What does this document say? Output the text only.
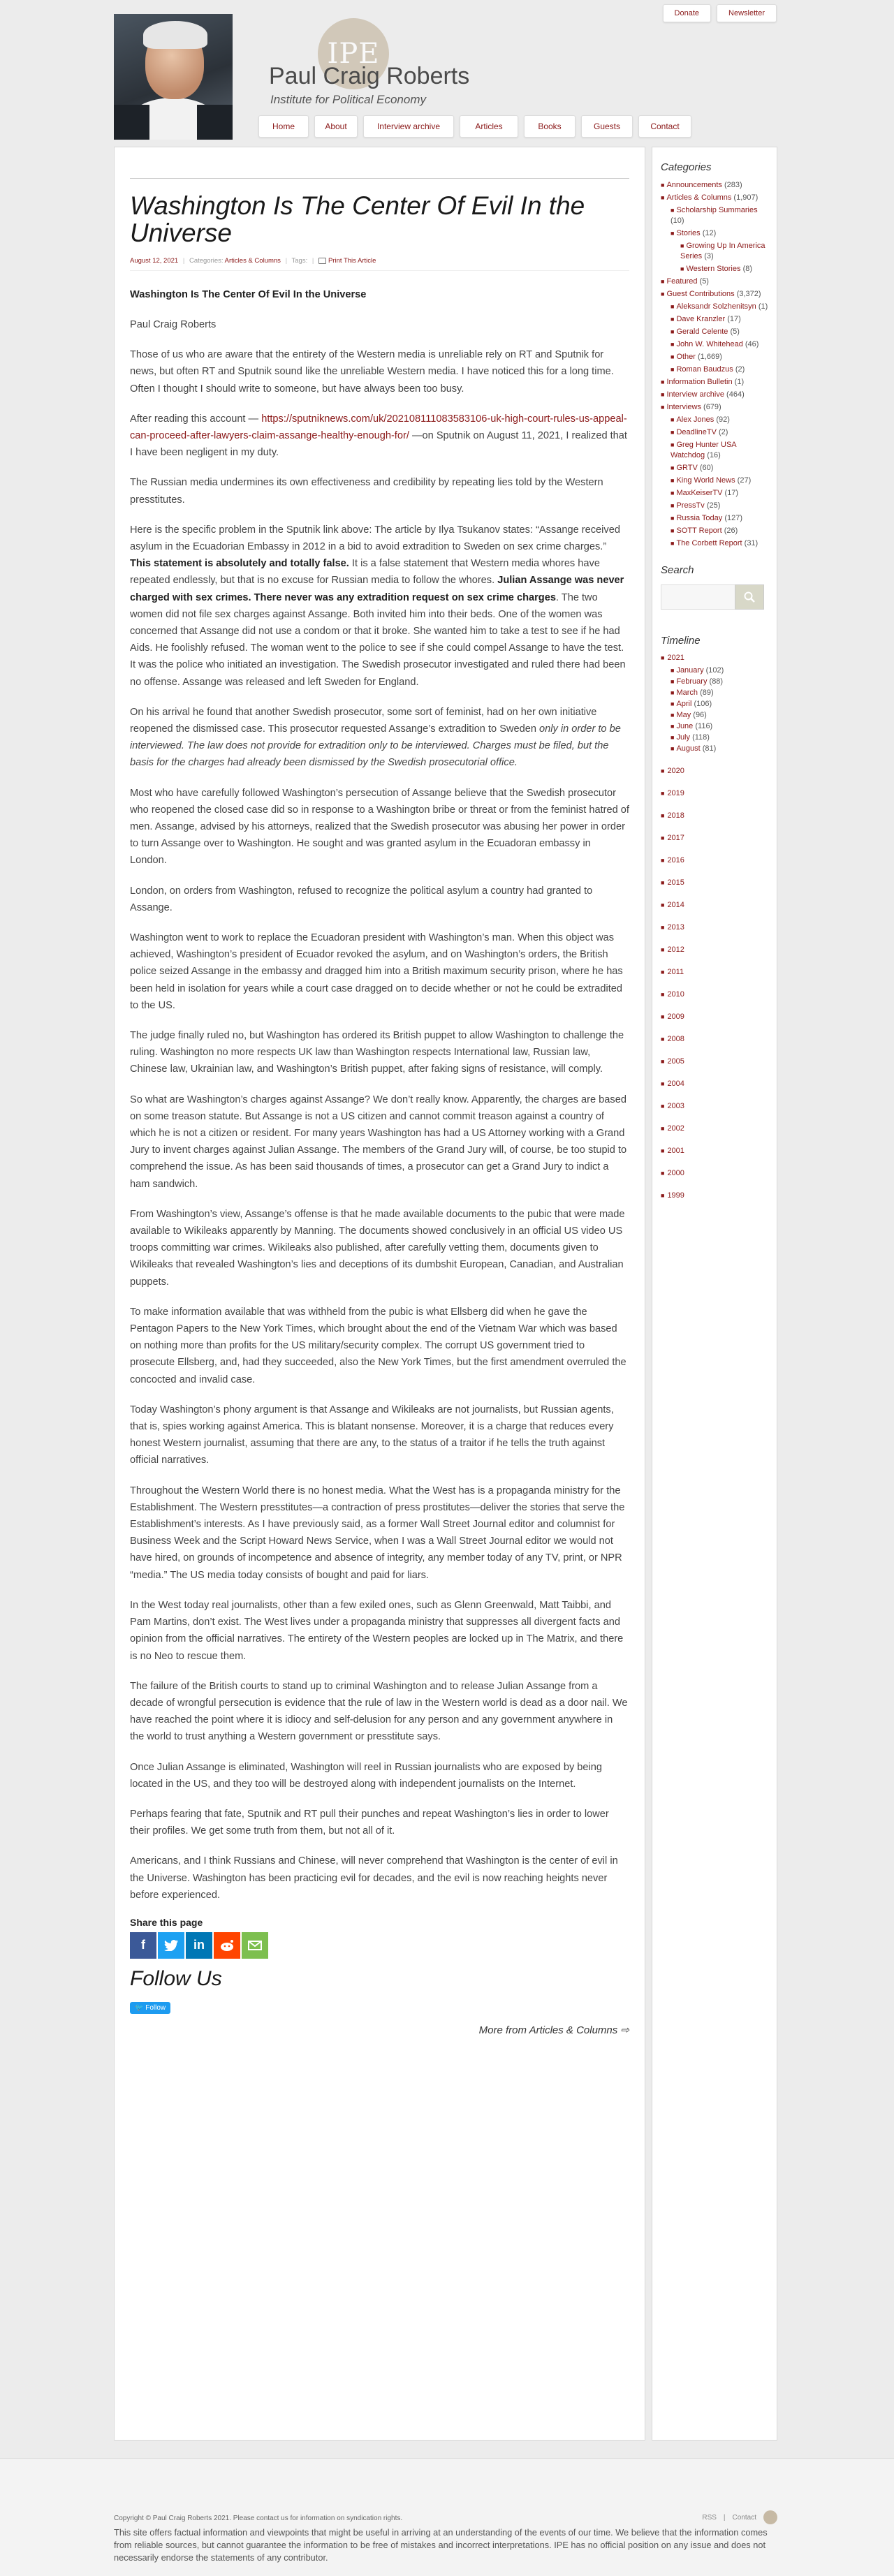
Donate	Newsletter
IPE
Paul Craig Roberts
Institute for Political Economy
Home	About	Interview archive	Articles	Books	Guests	Contact
Washington Is The Center Of Evil In the Universe
August 12, 2021 | Categories: Articles & Columns | Tags: | Print This Article

Washington Is The Center Of Evil In the Universe

Paul Craig Roberts

Those of us who are aware that the entirety of the Western media is unreliable rely on RT and Sputnik for news, but often RT and Sputnik sound like the unreliable Western media. I have noticed this for a long time. Often I thought I should write to someone, but have always been too busy.

After reading this account — https://sputniknews.com/uk/202108111083583106-uk-high-court-rules-us-appeal-can-proceed-after-lawyers-claim-assange-healthy-enough-for/ —on Sputnik on August 11, 2021, I realized that I have been negligent in my duty.

The Russian media undermines its own effectiveness and credibility by repeating lies told by the Western presstitutes.

Here is the specific problem in the Sputnik link above: The article by Ilya Tsukanov states: “Assange received asylum in the Ecuadorian Embassy in 2012 in a bid to avoid extradition to Sweden on sex crime charges.” This statement is absolutely and totally false. It is a false statement that Western media whores have repeated endlessly, but that is no excuse for Russian media to follow the whores. Julian Assange was never charged with sex crimes. There never was any extradition request on sex crime charges. The two women did not file sex charges against Assange. Both invited him into their beds. One of the women was concerned that Assange did not use a condom or that it broke. She wanted him to take a test to see if he had Aids. He foolishly refused. The woman went to the police to see if she could compel Assange to have the test. It was the police who initiated an investigation. The Swedish prosecutor investigated and ruled there had been no offense. Assange was released and left Sweden for England.

On his arrival he found that another Swedish prosecutor, some sort of feminist, had on her own initiative reopened the dismissed case. This prosecutor requested Assange’s extradition to Sweden only in order to be interviewed. The law does not provide for extradition only to be interviewed. Charges must be filed, but the basis for the charges had already been dismissed by the Swedish prosecutorial office.

Most who have carefully followed Washington’s persecution of Assange believe that the Swedish prosecutor who reopened the closed case did so in response to a Washington bribe or threat or from the feminist hatred of men. Assange, advised by his attorneys, realized that the Swedish prosecutor was abusing her power in order to turn Assange over to Washington. He sought and was granted asylum in the Ecuadoran embassy in London.

London, on orders from Washington, refused to recognize the political asylum a country had granted to Assange.

Washington went to work to replace the Ecuadoran president with Washington’s man. When this object was achieved, Washington’s president of Ecuador revoked the asylum, and on Washington’s orders, the British police seized Assange in the embassy and dragged him into a British maximum security prison, where he has been held in isolation for years while a court case dragged on to decide whether or not he could be extradited to the US.

The judge finally ruled no, but Washington has ordered its British puppet to allow Washington to challenge the ruling. Washington no more respects UK law than Washington respects International law, Russian law, Chinese law, Ukrainian law, and Washington’s British puppet, after faking signs of resistance, will comply.

So what are Washington’s charges against Assange? We don’t really know. Apparently, the charges are based on some treason statute. But Assange is not a US citizen and cannot commit treason against a country of which he is not a citizen or resident. For many years Washington has had a US Attorney working with a Grand Jury to invent charges against Julian Assange. The members of the Grand Jury will, of course, be too stupid to comprehend the issue. As has been said thousands of times, a prosecutor can get a Grand Jury to indict a ham sandwich.

From Washington’s view, Assange’s offense is that he made available documents to the pubic that were made available to Wikileaks apparently by Manning. The documents showed conclusively in an official US video US troops committing war crimes. Wikileaks also published, after carefully vetting them, documents given to Wikileaks that revealed Washington’s lies and deceptions of its dumbshit European, Canadian, and Australian puppets.

To make information available that was withheld from the pubic is what Ellsberg did when he gave the Pentagon Papers to the New York Times, which brought about the end of the Vietnam War which was based on nothing more than profits for the US military/security complex. The corrupt US government tried to prosecute Ellsberg, and, had they succeeded, also the New York Times, but the first amendment overruled the concocted and invalid case.

Today Washington’s phony argument is that Assange and Wikileaks are not journalists, but Russian agents, that is, spies working against America. This is blatant nonsense. Moreover, it is a charge that reduces every honest Western journalist, assuming that there are any, to the status of a traitor if he tells the truth against official narratives.

Throughout the Western World there is no honest media. What the West has is a propaganda ministry for the Establishment. The Western presstitutes—a contraction of press prostitutes—deliver the stories that serve the Establishment’s interests. As I have previously said, as a former Wall Street Journal editor and columnist for Business Week and the Script Howard News Service, when I was a Wall Street Journal editor we would not have hired, on grounds of incompetence and absence of integrity, any member today of any TV, print, or NPR “media.” The US media today consists of bought and paid for liars.

In the West today real journalists, other than a few exiled ones, such as Glenn Greenwald, Matt Taibbi, and Pam Martins, don’t exist. The West lives under a propaganda ministry that suppresses all divergent facts and opinion from the official narratives. The entirety of the Western peoples are locked up in The Matrix, and there is no Neo to rescue them.

The failure of the British courts to stand up to criminal Washington and to release Julian Assange from a decade of wrongful persecution is evidence that the rule of law in the Western world is dead as a door nail. We have reached the point where it is idiocy and self-delusion for any person and any government anywhere in the world to trust anything a Western government or presstitute says.

Once Julian Assange is eliminated, Washington will reel in Russian journalists who are exposed by being located in the US, and they too will be destroyed along with independent journalists on the Internet.

Perhaps fearing that fate, Sputnik and RT pull their punches and repeat Washington’s lies in order to lower their profiles. We get some truth from them, but not all of it.

Americans, and I think Russians and Chinese, will never comprehend that Washington is the center of evil in the Universe. Washington has been practicing evil for decades, and the evil is now reaching heights never before experienced.

Share this page
f	in
Follow Us
🐦 Follow
More from Articles & Columns ⇨
Categories
■ Announcements (283)
■ Articles & Columns (1,907)
■ Scholarship Summaries (10)
■ Stories (12)
■ Growing Up In America Series (3)
■ Western Stories (8)
■ Featured (5)
■ Guest Contributions (3,372)
■ Aleksandr Solzhenitsyn (1)
■ Dave Kranzler (17)
■ Gerald Celente (5)
■ John W. Whitehead (46)
■ Other (1,669)
■ Roman Baudzus (2)
■ Information Bulletin (1)
■ Interview archive (464)
■ Interviews (679)
■ Alex Jones (92)
■ DeadlineTV (2)
■ Greg Hunter USA Watchdog (16)
■ GRTV (60)
■ King World News (27)
■ MaxKeiserTV (17)
■ PressTv (25)
■ Russia Today (127)
■ SOTT Report (26)
■ The Corbett Report (31)
Search
Timeline
■ 2021
■ January (102)
■ February (88)
■ March (89)
■ April (106)
■ May (96)
■ June (116)
■ July (118)
■ August (81)
■ 2020
■ 2019
■ 2018
■ 2017
■ 2016
■ 2015
■ 2014
■ 2013
■ 2012
■ 2011
■ 2010
■ 2009
■ 2008
■ 2005
■ 2004
■ 2003
■ 2002
■ 2001
■ 2000
■ 1999
Copyright © Paul Craig Roberts 2021. Please contact us for information on syndication rights.	RSS | Contact
This site offers factual information and viewpoints that might be useful in arriving at an understanding of the events of our time. We believe that the information comes from reliable sources, but cannot guarantee the information to be free of mistakes and incorrect interpretations. IPE has no official position on any issue and does not necessarily endorse the statements of any contributor.
